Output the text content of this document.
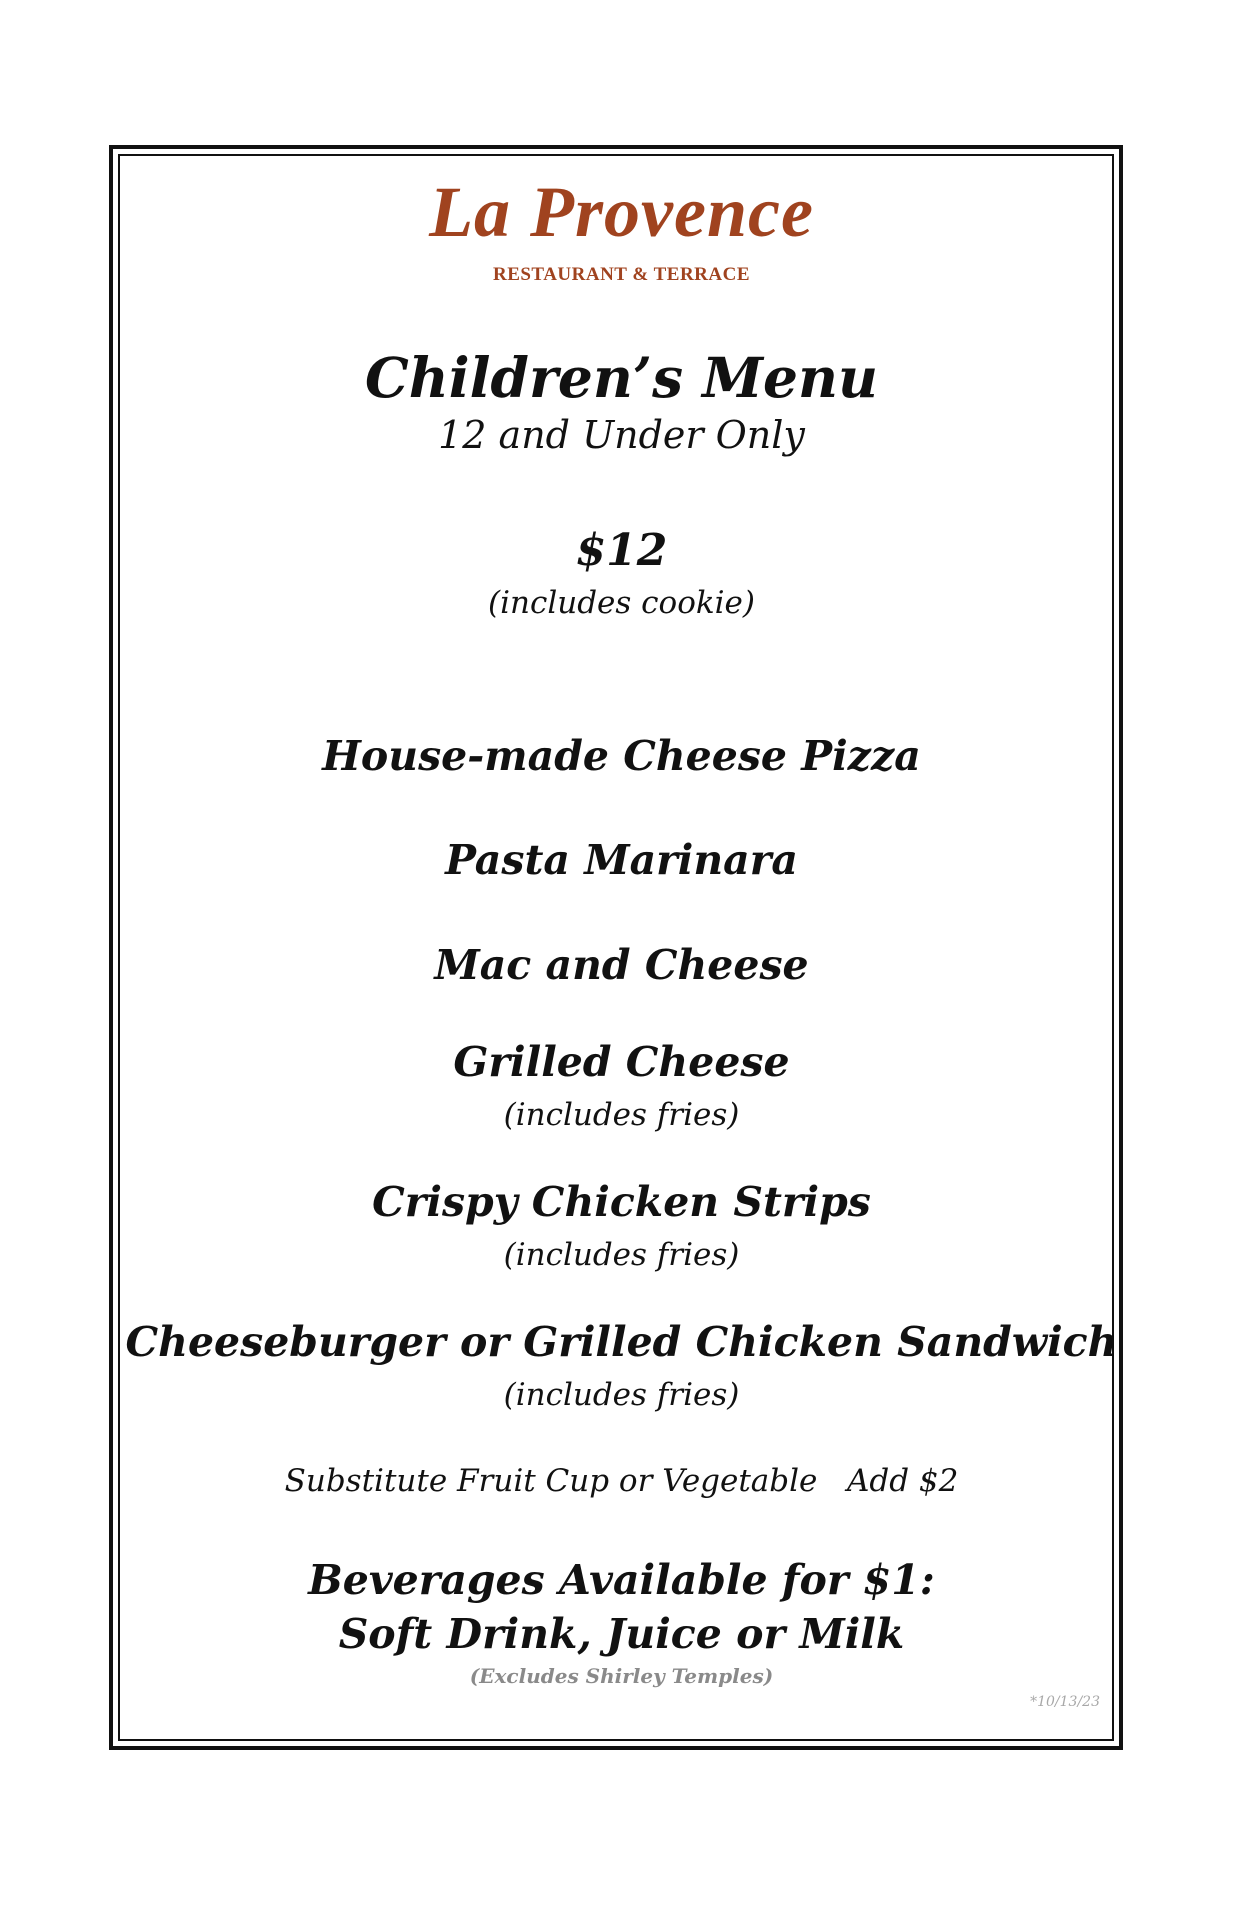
La Provence
RESTAURANT & TERRACE
Children’s Menu
12 and Under Only
$12
(includes cookie)
House-made Cheese Pizza
Pasta Marinara
Mac and Cheese
Grilled Cheese
(includes fries)
Crispy Chicken Strips
(includes fries)
Cheeseburger or Grilled Chicken Sandwich
(includes fries)
Substitute Fruit Cup or Vegetable Add $2
Beverages Available for $1:
Soft Drink, Juice or Milk
(Excludes Shirley Temples)
*10/13/23
